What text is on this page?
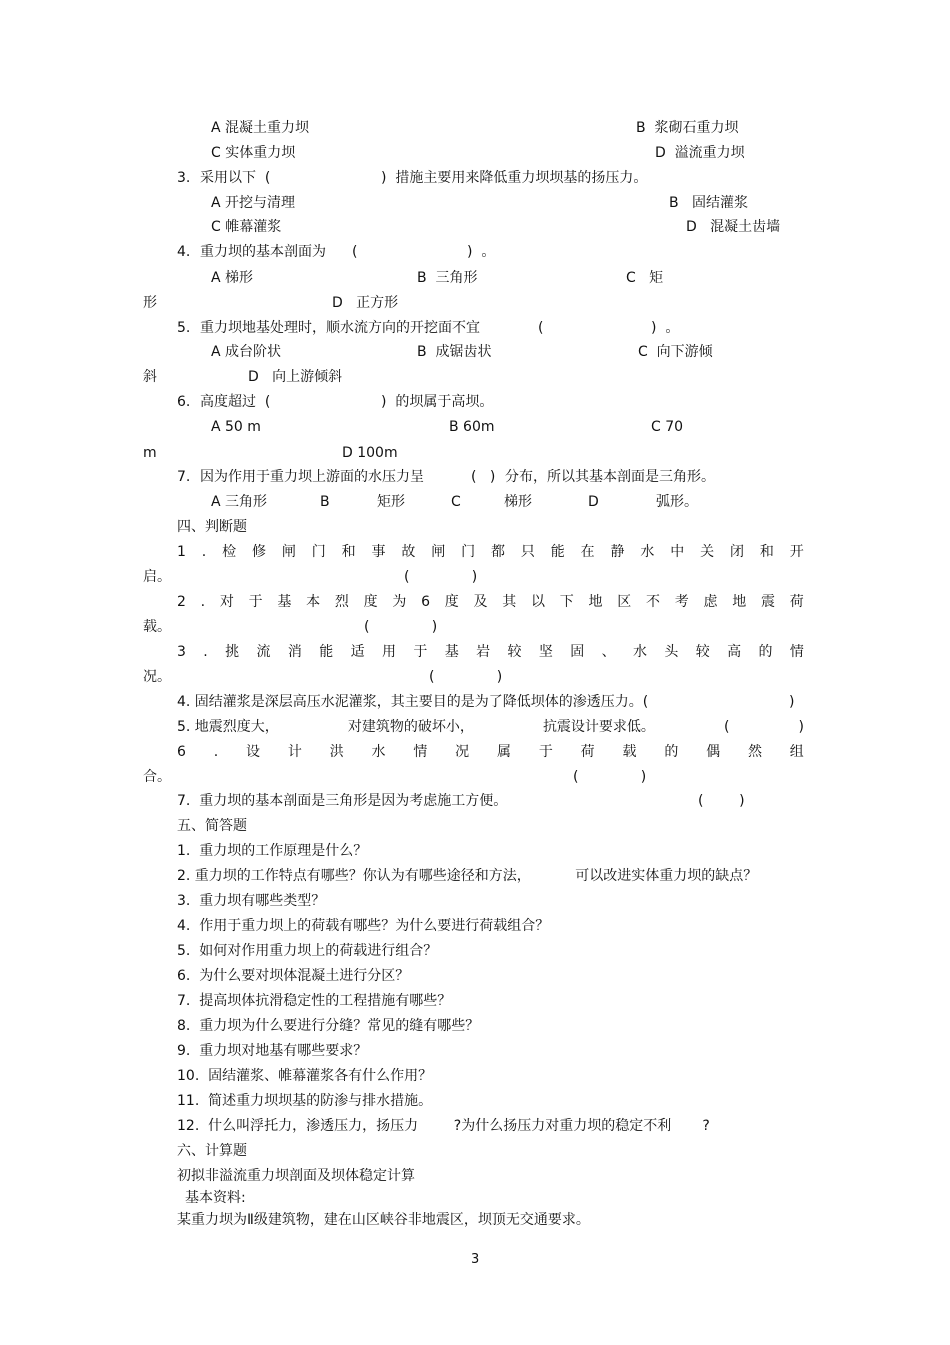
A 混凝土重力坝	B  浆砌石重力坝
C 实体重力坝	D  溢流重力坝
3. 采用以下  (	)  措施主要用来降低重力坝坝基的扬压力。
A 开挖与清理	B   固结灌浆
C 帷幕灌浆	D   混凝土齿墙
4. 重力坝的基本剖面为 (	)  。
A 梯形	B  三角形	C   矩
形	D   正方形
5. 重力坝地基处理时，顺水流方向的开挖面不宜	(	)  。
A 成台阶状	B  成锯齿状	C  向下游倾
斜	D   向上游倾斜
6. 高度超过  (	)  的坝属于高坝。
A 50 m	B 60m	C 70
m	D 100m
7. 因为作用于重力坝上游面的水压力呈	(   ) 分布，所以其基本剖面是三角形。
A 三角形	B	矩形	C	梯形	D	弧形。
四、判断题
1 . 检 修 闸 门 和 事 故 闸 门 都 只 能 在 静 水 中 关 闭 和 开
启。	(              )
2 . 对 于 基 本 烈 度 为 6 度 及 其 以 下 地 区 不 考 虑 地 震 荷
载。	(              )
3 . 挑 流 消 能 适 用 于 基 岩 较 坚 固 、 水 头 较 高 的 情
况。	(              )
4. 固结灌浆是深层高压水泥灌浆，其主要目的是为了降低坝体的渗透压力。(	)
5. 地震烈度大，	对建筑物的破坏小，	抗震设计要求低。	(	)
6 . 设 计 洪 水 情 况 属 于 荷 载 的 偶 然 组
合。	(              )
7.  重力坝的基本剖面是三角形是因为考虑施工方便。	(        )
五、简答题
1.  重力坝的工作原理是什么？
2. 重力坝的工作特点有哪些？你认为有哪些途径和方法，          可以改进实体重力坝的缺点？
3.  重力坝有哪些类型？
4.  作用于重力坝上的荷载有哪些？为什么要进行荷载组合？
5.  如何对作用重力坝上的荷载进行组合？
6.  为什么要对坝体混凝土进行分区？
7.  提高坝体抗滑稳定性的工程措施有哪些？
8.  重力坝为什么要进行分缝？常见的缝有哪些？
9.  重力坝对地基有哪些要求？
10.  固结灌浆、帷幕灌浆各有什么作用？
11.  简述重力坝坝基的防渗与排水措施。
12.  什么叫浮托力，渗透压力，扬压力        ?为什么扬压力对重力坝的稳定不利       ?
六、计算题
初拟非溢流重力坝剖面及坝体稳定计算
基本资料:
某重力坝为Ⅱ级建筑物，建在山区峡谷非地震区，坝顶无交通要求。
3
